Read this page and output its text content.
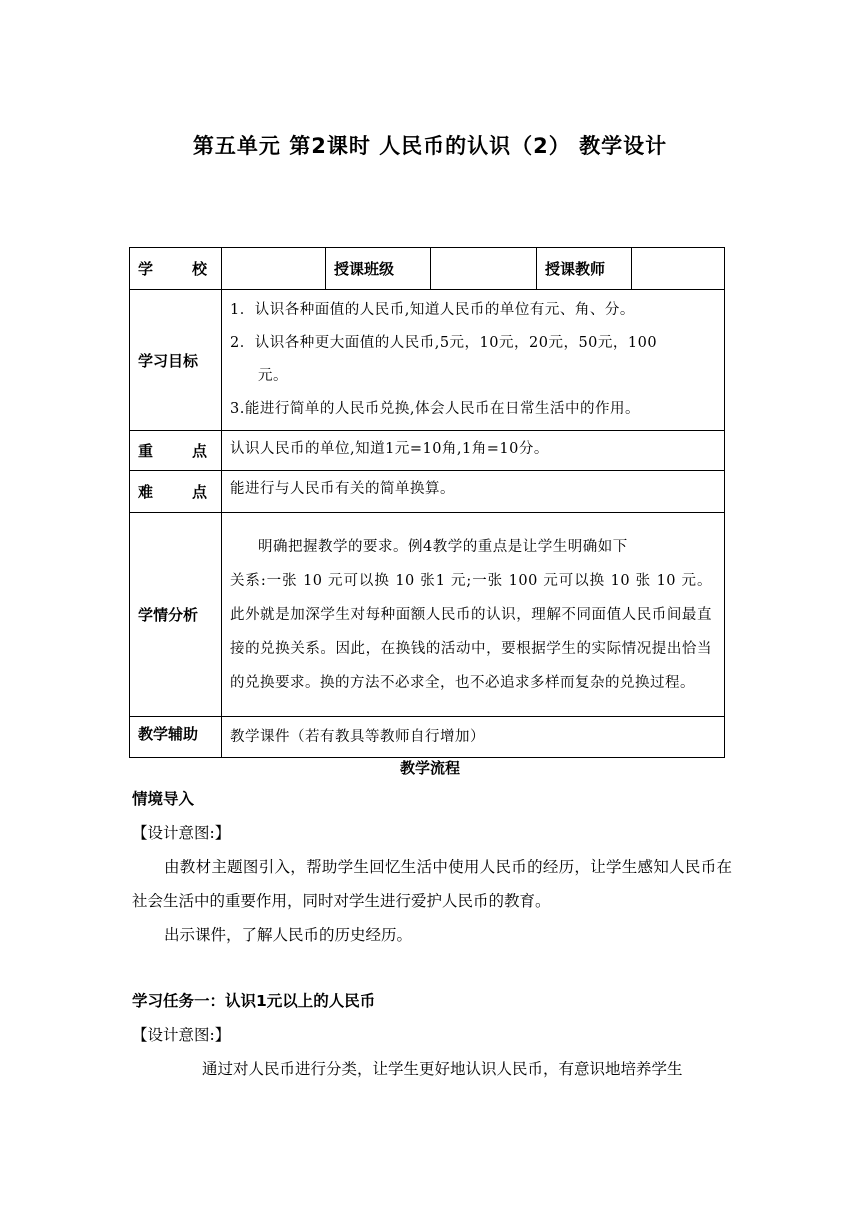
第五单元 第2课时 人民币的认识（2） 教学设计
学 校		授课班级		授课教师	
学习目标	1．认识各种面值的人民币,知道人民币的单位有元、角、分。
2．认识各种更大面值的人民币,5元，10元，20元，50元，100
元。
3.能进行简单的人民币兑换,体会人民币在日常生活中的作用。				

重 点	认识人民币的单位,知道1元=10角,1角=10分。				

难 点	能进行与人民币有关的简单换算。				
学情分析	明确把握教学的要求。例4教学的重点是让学生明确如下
关系:一张 10 元可以换 10 张1 元;一张 100 元可以换 10 张 10 元。此外就是加深学生对每种面额人民币的认识，理解不同面值人民币间最直接的兑换关系。因此，在换钱的活动中，要根据学生的实际情况提出恰当的兑换要求。换的方法不必求全，也不必追求多样而复杂的兑换过程。				
教学辅助	教学课件（若有教具等教师自行增加）				
教学流程
情境导入
【设计意图:】
由教材主题图引入，帮助学生回忆生活中使用人民币的经历，让学生感知人民币在社会生活中的重要作用，同时对学生进行爱护人民币的教育。
出示课件，了解人民币的历史经历。
学习任务一：认识1元以上的人民币
【设计意图:】
通过对人民币进行分类，让学生更好地认识人民币，有意识地培养学生
